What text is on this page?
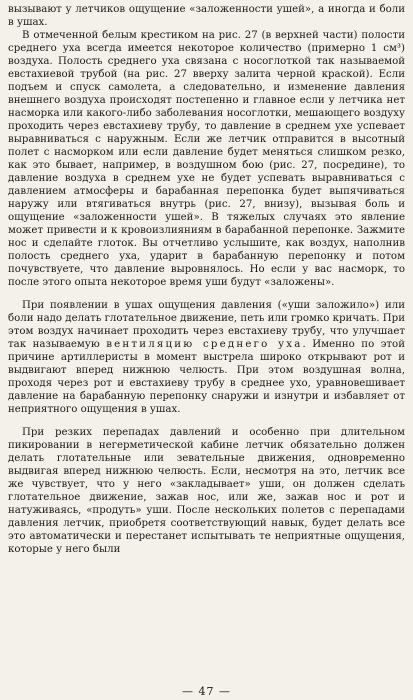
вызывают у летчиков ощущение «заложенности ушей», а иногда и боли в ушах.

В отмеченной белым крестиком на рис. 27 (в верхней части) полости среднего уха всегда имеется некоторое количество (примерно 1 см³) воздуха. Полость среднего уха связана с носоглоткой так называемой евстахиевой трубой (на рис. 27 вверху залита черной краской). Если подъем и спуск самолета, а следовательно, и изменение давления внешнего воздуха происходят постепенно и главное если у летчика нет насморка или какого-либо заболевания носоглотки, мешающего воздуху проходить через евстахиеву трубу, то давление в среднем ухе успевает выравниваться с наружным. Если же летчик отправится в высотный полет с насморком или если давление будет меняться слишком резко, как это бывает, например, в воздушном бою (рис. 27, посредине), то давление воздуха в среднем ухе не будет успевать выравниваться с давлением атмосферы и барабанная перепонка будет выпячиваться наружу или втягиваться внутрь (рис. 27, внизу), вызывая боль и ощущение «заложенности ушей». В тяжелых случаях это явление может привести и к кровоизлияниям в барабанной перепонке. Зажмите нос и сделайте глоток. Вы отчетливо услышите, как воздух, наполнив полость среднего уха, ударит в барабанную перепонку и потом почувствуете, что давление выровнялось. Но если у вас насморк, то после этого опыта некоторое время уши будут «заложены».

При появлении в ушах ощущения давления («уши заложило») или боли надо делать глотательное движение, петь или громко кричать. При этом воздух начинает проходить через евстахиеву трубу, что улучшает так называемую вентиляцию среднего уха. Именно по этой причине артиллеристы в момент выстрела широко открывают рот и выдвигают вперед нижнюю челюсть. При этом воздушная волна, проходя через рот и евстахиеву трубу в среднее ухо, уравновешивает давление на барабанную перепонку снаружи и изнутри и избавляет от неприятного ощущения в ушах.

При резких перепадах давлений и особенно при длительном пикировании в негерметической кабине летчик обязательно должен делать глотательные или зевательные движения, одновременно выдвигая вперед нижнюю челюсть. Если, несмотря на это, летчик все же чувствует, что у него «закладывает» уши, он должен сделать глотательное движение, зажав нос, или же, зажав нос и рот и натуживаясь, «продуть» уши. После нескольких полетов с перепадами давления летчик, приобретя соответствующий навык, будет делать все это автоматически и перестанет испытывать те неприятные ощущения, которые у него были

— 47 —
